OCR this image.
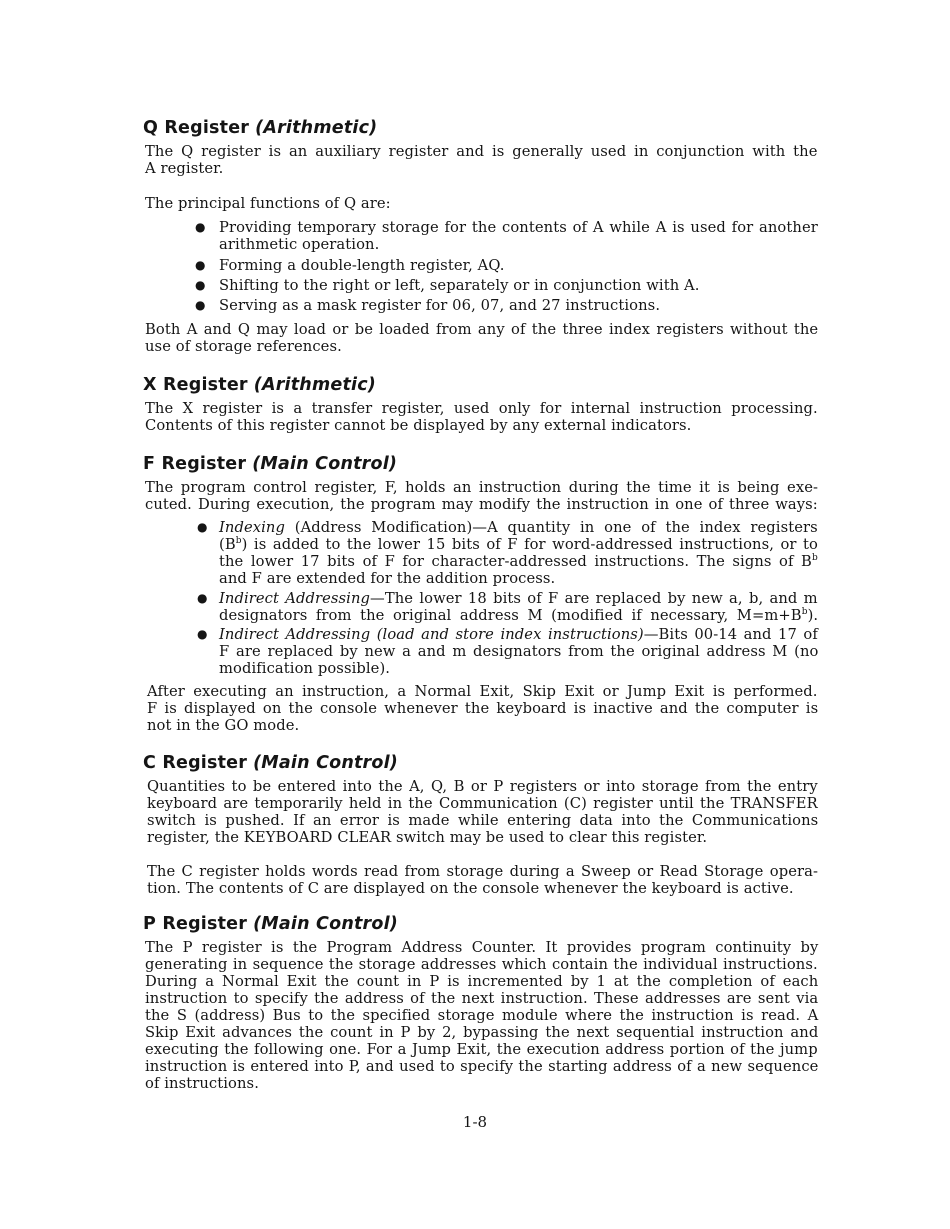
Q Register (Arithmetic)
The Q register is an auxiliary register and is generally used in conjunction with the
A register.
The principal functions of Q are:
● Providing temporary storage for the contents of A while A is used for another
arithmetic operation.
● Forming a double-length register, AQ.
● Shifting to the right or left, separately or in conjunction with A.
● Serving as a mask register for 06, 07, and 27 instructions.
Both A and Q may load or be loaded from any of the three index registers without the
use of storage references.
X Register (Arithmetic)
The X register is a transfer register, used only for internal instruction processing.
Contents of this register cannot be displayed by any external indicators.
F Register (Main Control)
The program control register, F, holds an instruction during the time it is being exe-
cuted. During execution, the program may modify the instruction in one of three ways:
● Indexing (Address Modification)—A quantity in one of the index registers
$(B^b)$ is added to the lower 15 bits of F for word-addressed instructions, or to
the lower 17 bits of F for character-addressed instructions. The signs of $B^b$
and F are extended for the addition process.
● Indirect Addressing—The lower 18 bits of F are replaced by new a, b, and m
designators from the original address M (modified if necessary, $M=m+B^b$).
● Indirect Addressing (load and store index instructions)—Bits 00-14 and 17 of
F are replaced by new a and m designators from the original address M (no
modification possible).
After executing an instruction, a Normal Exit, Skip Exit or Jump Exit is performed.
F is displayed on the console whenever the keyboard is inactive and the computer is
not in the GO mode.
C Register (Main Control)
Quantities to be entered into the A, Q, B or P registers or into storage from the entry
keyboard are temporarily held in the Communication (C) register until the TRANSFER
switch is pushed. If an error is made while entering data into the Communications
register, the KEYBOARD CLEAR switch may be used to clear this register.
The C register holds words read from storage during a Sweep or Read Storage opera-
tion. The contents of C are displayed on the console whenever the keyboard is active.
P Register (Main Control)
The P register is the Program Address Counter. It provides program continuity by
generating in sequence the storage addresses which contain the individual instructions.
During a Normal Exit the count in P is incremented by 1 at the completion of each
instruction to specify the address of the next instruction. These addresses are sent via
the S (address) Bus to the specified storage module where the instruction is read. A
Skip Exit advances the count in P by 2, bypassing the next sequential instruction and
executing the following one. For a Jump Exit, the execution address portion of the jump
instruction is entered into P, and used to specify the starting address of a new sequence
of instructions.
1-8
